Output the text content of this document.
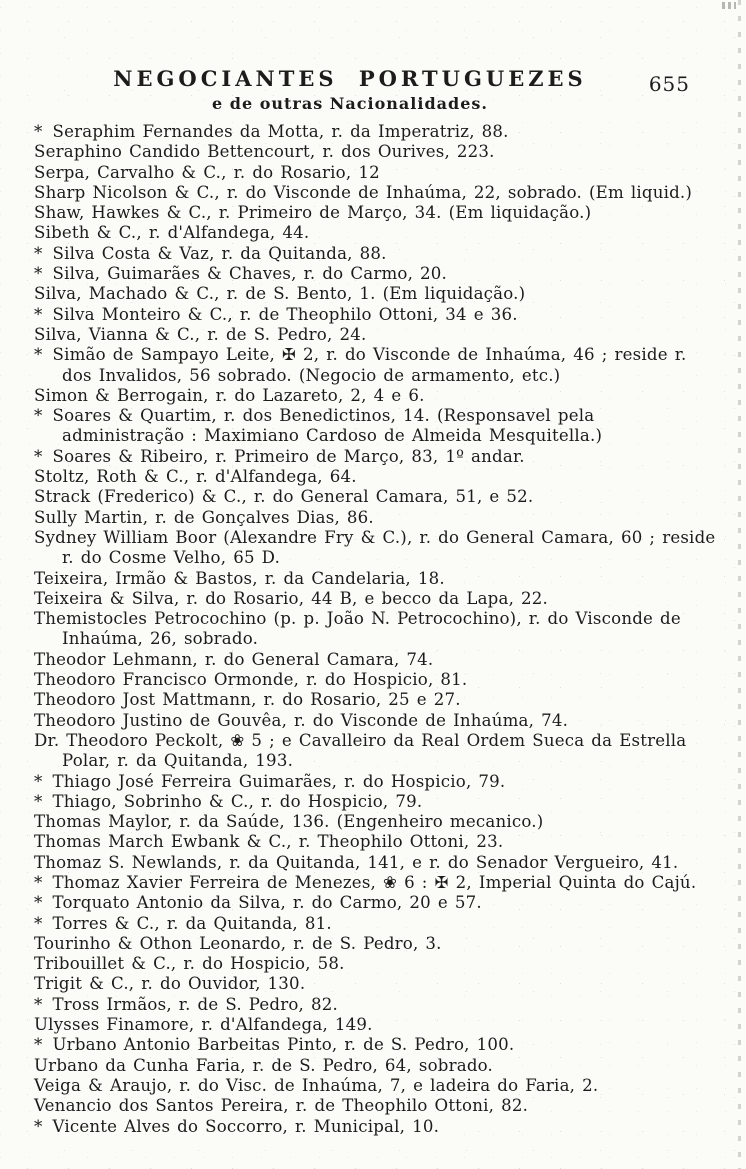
655
NEGOCIANTES PORTUGUEZES
e de outras Nacionalidades.
* Seraphim Fernandes da Motta, r. da Imperatriz, 88.
Seraphino Candido Bettencourt, r. dos Ourives, 223.
Serpa, Carvalho & C., r. do Rosario, 12
Sharp Nicolson & C., r. do Visconde de Inhaúma, 22, sobrado. (Em liquid.)
Shaw, Hawkes & C., r. Primeiro de Março, 34. (Em liquidação.)
Sibeth & C., r. d'Alfandega, 44.
* Silva Costa & Vaz, r. da Quitanda, 88.
* Silva, Guimarães & Chaves, r. do Carmo, 20.
Silva, Machado & C., r. de S. Bento, 1. (Em liquidação.)
* Silva Monteiro & C., r. de Theophilo Ottoni, 34 e 36.
Silva, Vianna & C., r. de S. Pedro, 24.
* Simão de Sampayo Leite, ✠ 2, r. do Visconde de Inhaúma, 46 ; reside r. dos Invalidos, 56 sobrado. (Negocio de armamento, etc.)
Simon & Berrogain, r. do Lazareto, 2, 4 e 6.
* Soares & Quartim, r. dos Benedictinos, 14. (Responsavel pela administração : Maximiano Cardoso de Almeida Mesquitella.)
* Soares & Ribeiro, r. Primeiro de Março, 83, 1º andar.
Stoltz, Roth & C., r. d'Alfandega, 64.
Strack (Frederico) & C., r. do General Camara, 51, e 52.
Sully Martin, r. de Gonçalves Dias, 86.
Sydney William Boor (Alexandre Fry & C.), r. do General Camara, 60 ; reside r. do Cosme Velho, 65 D.
Teixeira, Irmão & Bastos, r. da Candelaria, 18.
Teixeira & Silva, r. do Rosario, 44 B, e becco da Lapa, 22.
Themistocles Petrocochino (p. p. João N. Petrocochino), r. do Visconde de Inhaúma, 26, sobrado.
Theodor Lehmann, r. do General Camara, 74.
Theodoro Francisco Ormonde, r. do Hospicio, 81.
Theodoro Jost Mattmann, r. do Rosario, 25 e 27.
Theodoro Justino de Gouvêa, r. do Visconde de Inhaúma, 74.
Dr. Theodoro Peckolt, ❀ 5 ; e Cavalleiro da Real Ordem Sueca da Estrella Polar, r. da Quitanda, 193.
* Thiago José Ferreira Guimarães, r. do Hospicio, 79.
* Thiago, Sobrinho & C., r. do Hospicio, 79.
Thomas Maylor, r. da Saúde, 136. (Engenheiro mecanico.)
Thomas March Ewbank & C., r. Theophilo Ottoni, 23.
Thomaz S. Newlands, r. da Quitanda, 141, e r. do Senador Vergueiro, 41.
* Thomaz Xavier Ferreira de Menezes, ❀ 6 : ✠ 2, Imperial Quinta do Cajú.
* Torquato Antonio da Silva, r. do Carmo, 20 e 57.
* Torres & C., r. da Quitanda, 81.
Tourinho & Othon Leonardo, r. de S. Pedro, 3.
Tribouillet & C., r. do Hospicio, 58.
Trigit & C., r. do Ouvidor, 130.
* Tross Irmãos, r. de S. Pedro, 82.
Ulysses Finamore, r. d'Alfandega, 149.
* Urbano Antonio Barbeitas Pinto, r. de S. Pedro, 100.
Urbano da Cunha Faria, r. de S. Pedro, 64, sobrado.
Veiga & Araujo, r. do Visc. de Inhaúma, 7, e ladeira do Faria, 2.
Venancio dos Santos Pereira, r. de Theophilo Ottoni, 82.
* Vicente Alves do Soccorro, r. Municipal, 10.
